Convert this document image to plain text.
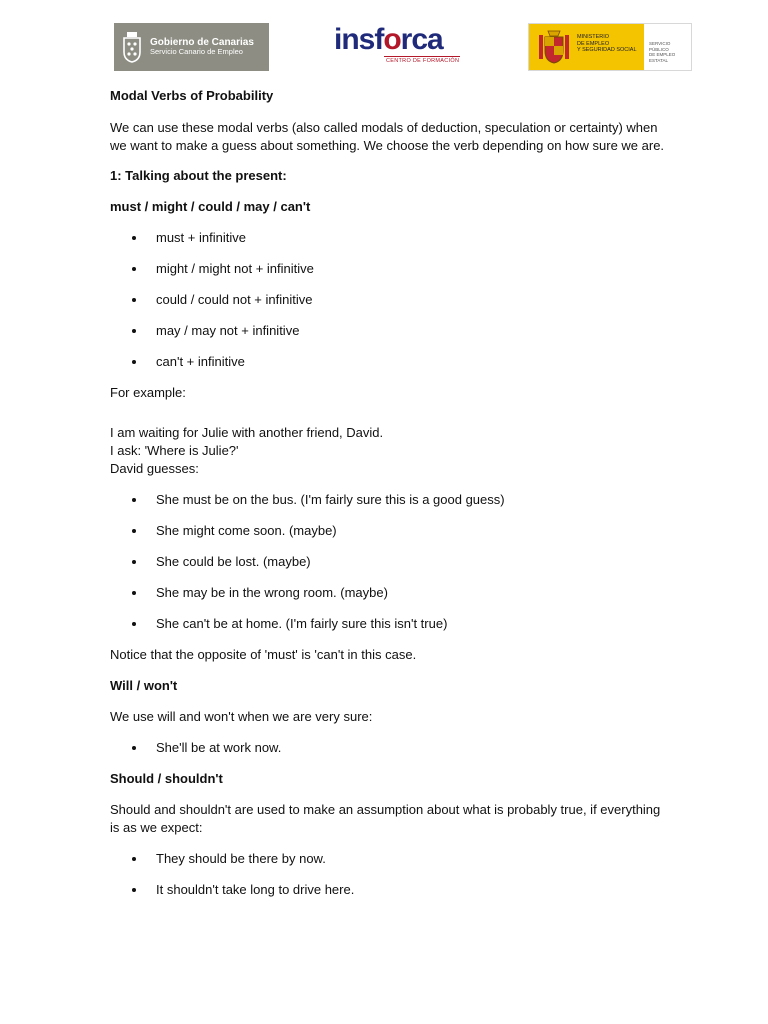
Gobierno de Canarias
Servicio Canario de Empleo	insforca
CENTRO DE FORMACIÓN
MINISTERIO
DE EMPLEO
Y SEGURIDAD SOCIAL
SERVICIO PÚBLICO
DE EMPLEO ESTATAL

Modal Verbs of Probability

We can use these modal verbs (also called modals of deduction, speculation or certainty) when we want to make a guess about something. We choose the verb depending on how sure we are.

1: Talking about the present:

must / might / could / may / can't

must + infinitive
might / might not + infinitive
could / could not + infinitive
may / may not + infinitive
can't + infinitive

For example:

I am waiting for Julie with another friend, David.

I ask: 'Where is Julie?'

David guesses:

She must be on the bus. (I'm fairly sure this is a good guess)
She might come soon. (maybe)
She could be lost. (maybe)
She may be in the wrong room. (maybe)
She can't be at home. (I'm fairly sure this isn't true)

Notice that the opposite of 'must' is 'can't in this case.

Will / won't

We use will and won't when we are very sure:

She'll be at work now.

Should / shouldn't

Should and shouldn't are used to make an assumption about what is probably true, if everything is as we expect:

They should be there by now.
It shouldn't take long to drive here.
